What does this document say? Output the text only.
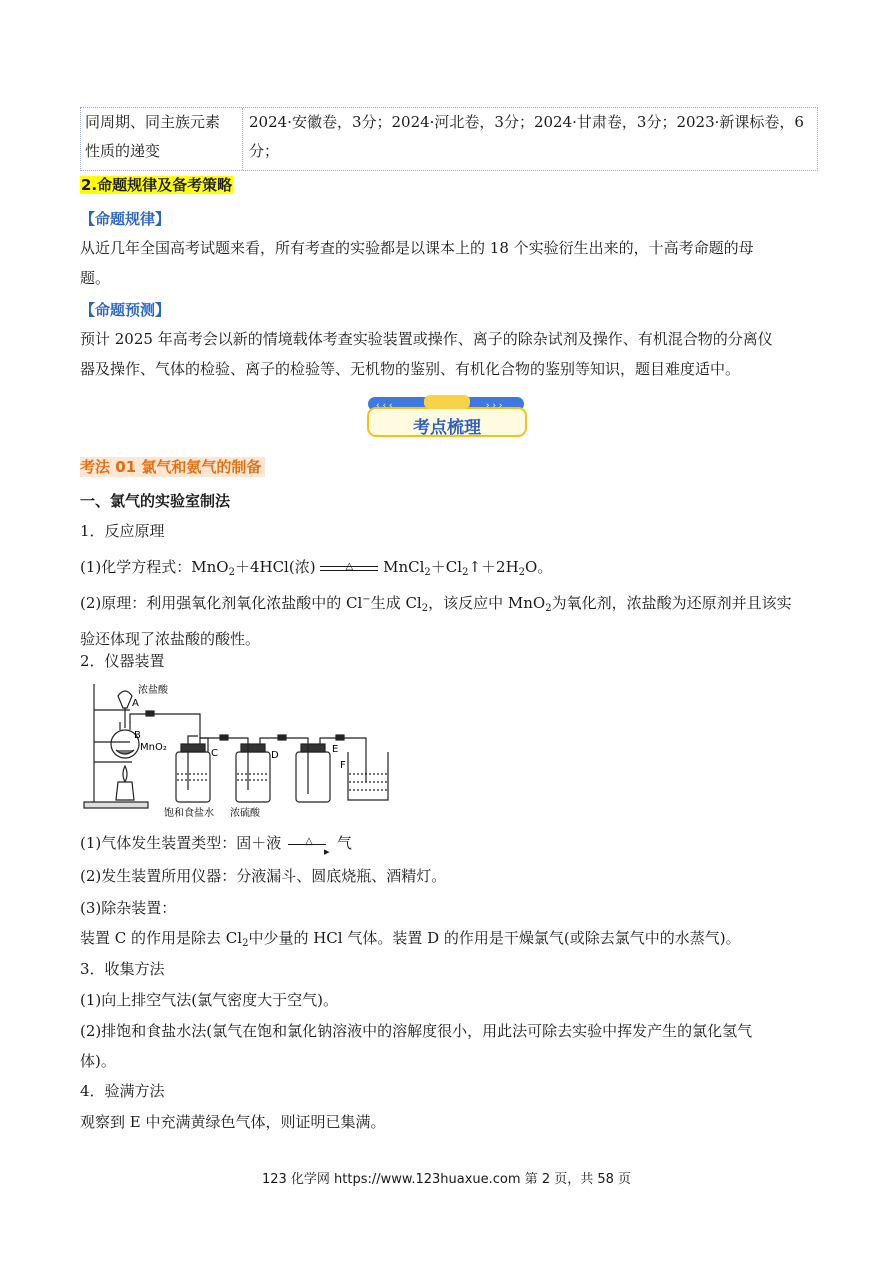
同周期、同主族元素
性质的递变
2024·安徽卷，3分；2024·河北卷，3分；2024·甘肃卷，3分；2023·新课标卷，6
分；
2.命题规律及备考策略
【命题规律】
从近几年全国高考试题来看，所有考查的实验都是以课本上的 18 个实验衍生出来的，十高考命题的母
题。
【命题预测】
预计 2025 年高考会以新的情境载体考查实验装置或操作、离子的除杂试剂及操作、有机混合物的分离仪
器及操作、气体的检验、离子的检验等、无机物的鉴别、有机化合物的鉴别等知识，题目难度适中。
‹ ‹ ‹	› › ›
考点梳理
考法 01 氯气和氨气的制备
一、氯气的实验室制法
1．反应原理
(1)化学方程式：MnO$_2$＋4HCl(浓)	△	$MnCl_2+Cl_2↑+2H_2O$。
(2)原理：利用强氧化剂氧化浓盐酸中的 Cl−生成 $Cl_2$，该反应中 MnO$_2$为氧化剂，浓盐酸为还原剂并且该实
验还体现了浓盐酸的酸性。
2．仪器装置
浓盐酸
A
B
MnO₂
C	D
E
F
饱和食盐水 浓硫酸
(1)气体发生装置类型：固＋液	△
▸ 气
(2)发生装置所用仪器：分液漏斗、圆底烧瓶、酒精灯。
(3)除杂装置：
装置 C 的作用是除去 $Cl_2$中少量的 HCl 气体。装置 D 的作用是干燥氯气(或除去氯气中的水蒸气)。
3．收集方法
(1)向上排空气法(氯气密度大于空气)。
(2)排饱和食盐水法(氯气在饱和氯化钠溶液中的溶解度很小，用此法可除去实验中挥发产生的氯化氢气
体)。
4．验满方法
观察到 E 中充满黄绿色气体，则证明已集满。
123 化学网 https://www.123huaxue.com 第 2 页，共 58 页
